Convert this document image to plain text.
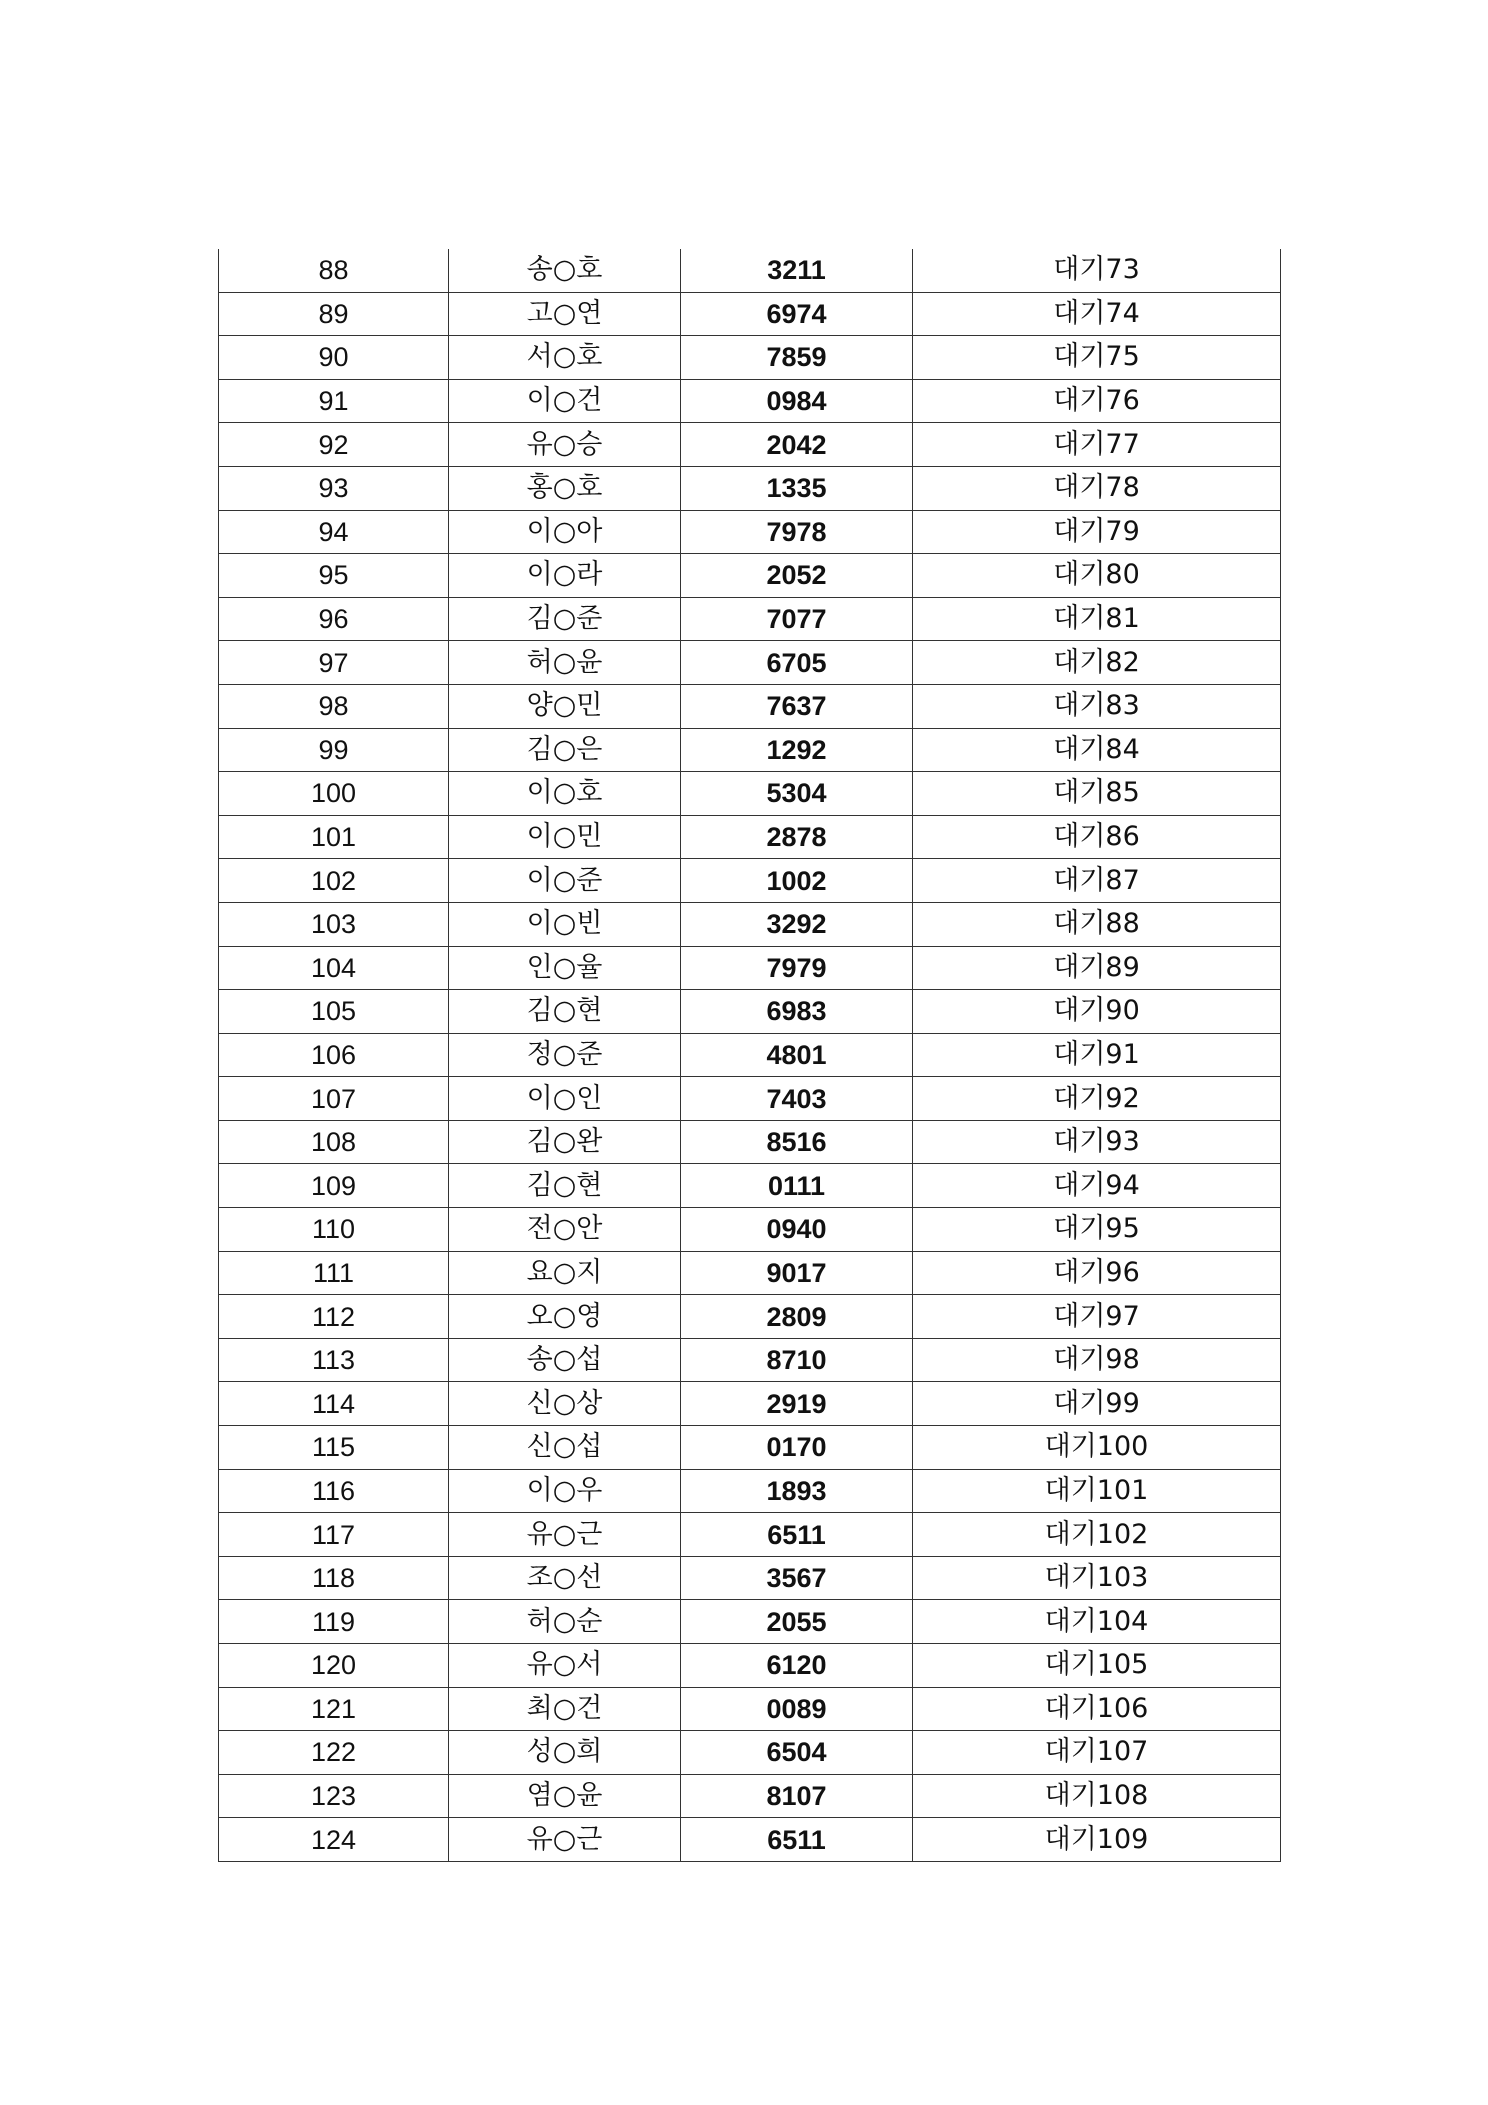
88	송○호	3211	대기73
89	고○연	6974	대기74
90	서○호	7859	대기75
91	이○건	0984	대기76
92	유○승	2042	대기77
93	홍○호	1335	대기78
94	이○아	7978	대기79
95	이○라	2052	대기80
96	김○준	7077	대기81
97	허○윤	6705	대기82
98	양○민	7637	대기83
99	김○은	1292	대기84
100	이○호	5304	대기85
101	이○민	2878	대기86
102	이○준	1002	대기87
103	이○빈	3292	대기88
104	인○율	7979	대기89
105	김○현	6983	대기90
106	정○준	4801	대기91
107	이○인	7403	대기92
108	김○완	8516	대기93
109	김○현	0111	대기94
110	전○안	0940	대기95
111	요○지	9017	대기96
112	오○영	2809	대기97
113	송○섭	8710	대기98
114	신○상	2919	대기99
115	신○섭	0170	대기100
116	이○우	1893	대기101
117	유○근	6511	대기102
118	조○선	3567	대기103
119	허○순	2055	대기104
120	유○서	6120	대기105
121	최○건	0089	대기106
122	성○희	6504	대기107
123	염○윤	8107	대기108
124	유○근	6511	대기109
